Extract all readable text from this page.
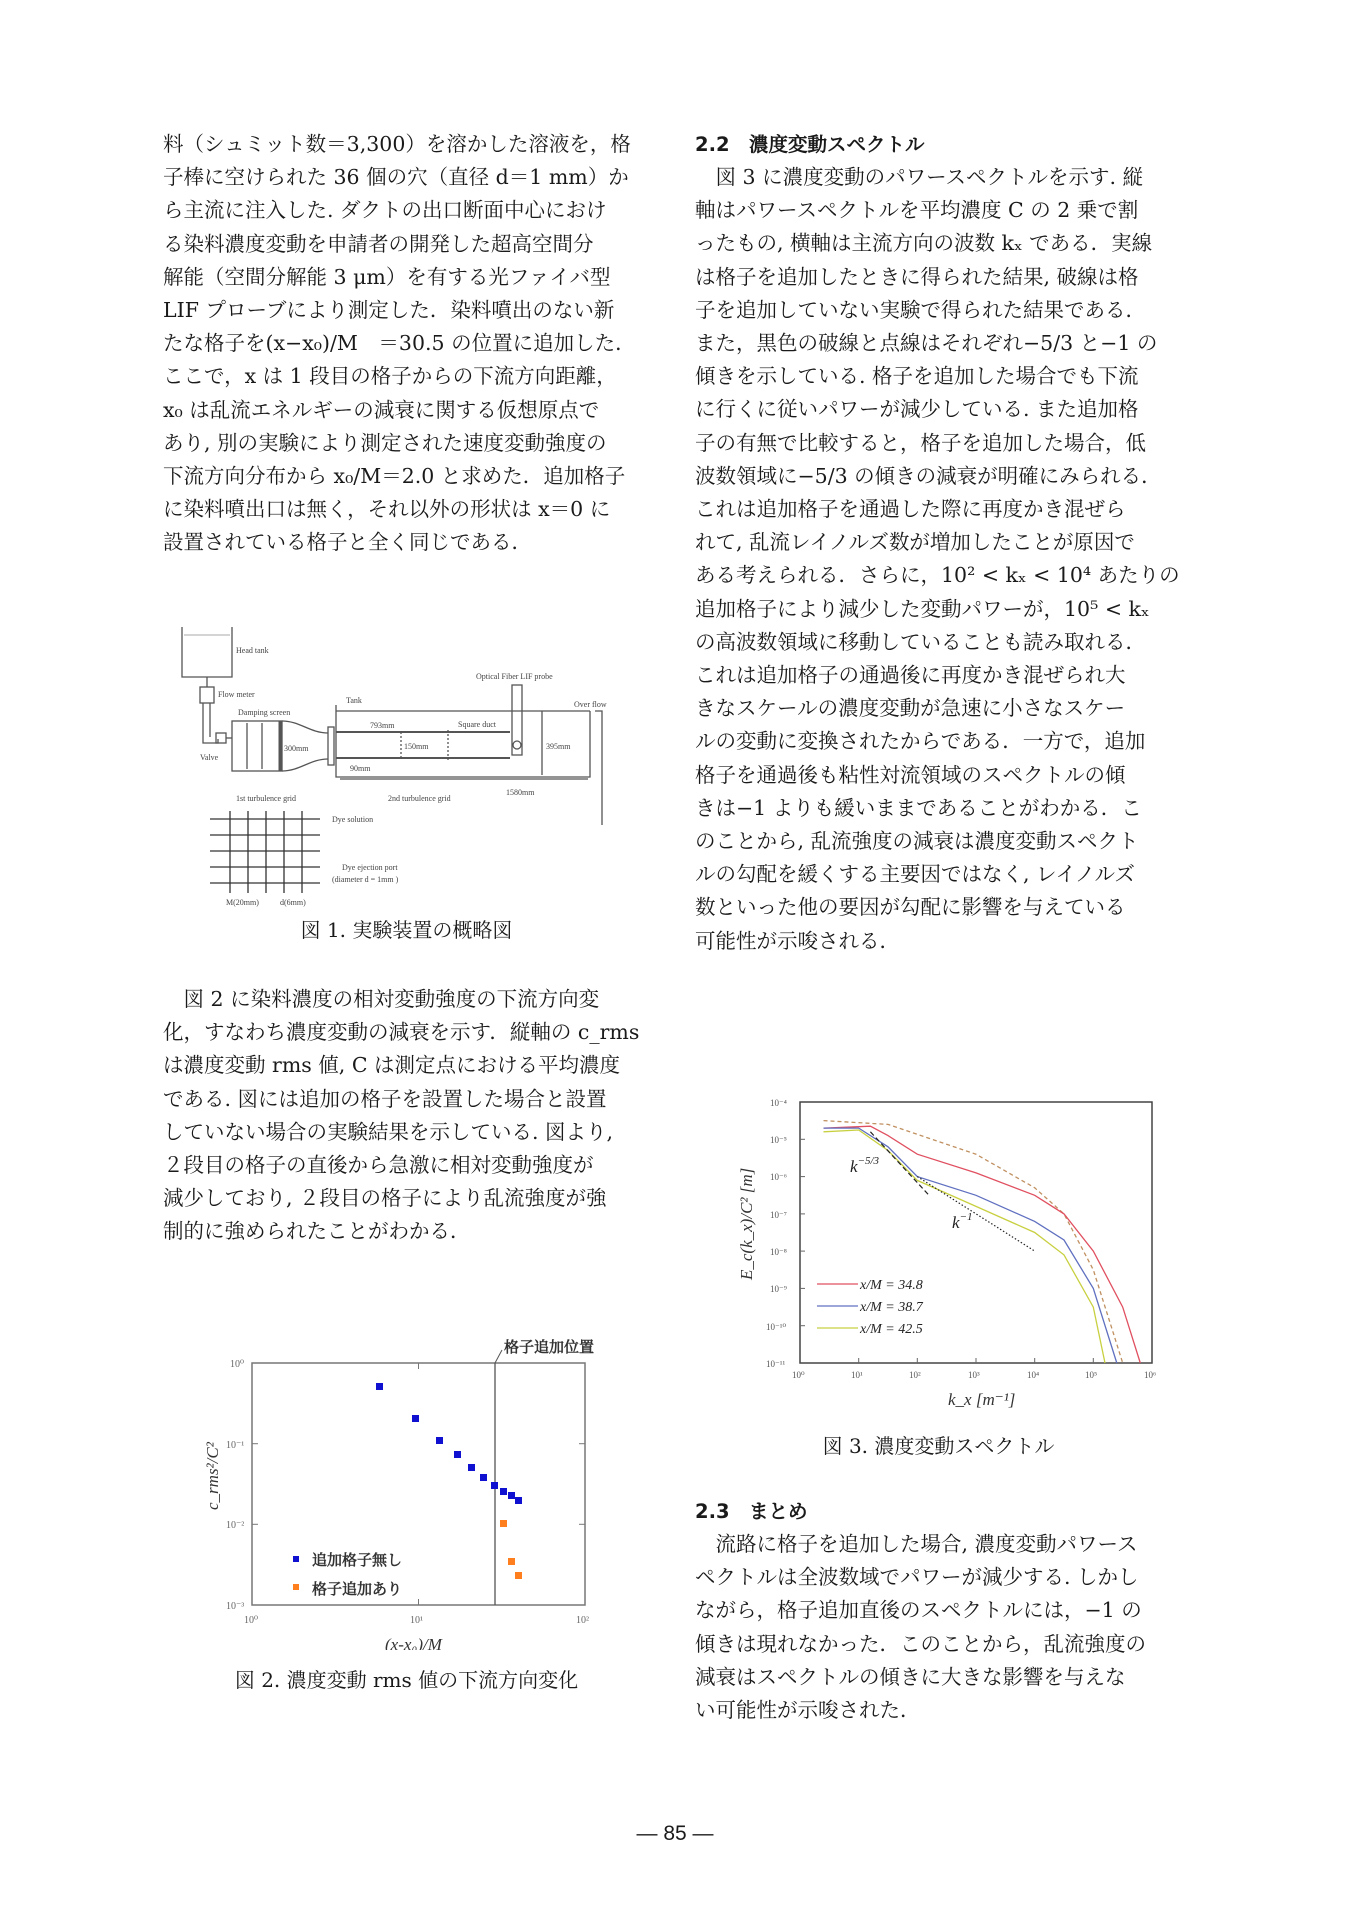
料（シュミット数＝3,300）を溶かした溶液を，格

子棒に空けられた 36 個の穴（直径 d＝1 mm）か

ら主流に注入した. ダクトの出口断面中心におけ

る染料濃度変動を申請者の開発した超高空間分

解能（空間分解能 3 μm）を有する光ファイバ型

LIF プローブにより測定した．染料噴出のない新

たな格子を(x−x₀)/M　＝30.5 の位置に追加した．

ここで，x は 1 段目の格子からの下流方向距離，

x₀ は乱流エネルギーの減衰に関する仮想原点で

あり, 別の実験により測定された速度変動強度の

下流方向分布から x₀/M＝2.0 と求めた．追加格子

に染料噴出口は無く，それ以外の形状は x＝0 に

設置されている格子と全く同じである．

Head tank
Flow meter
Damping screen
Valve
Tank
Optical Fiber LIF probe
Over flow
Square duct
793mm
150mm
300mm
90mm
395mm
1580mm
1st turbulence grid	2nd turbulence grid
Dye solution
Dye ejection port
(diameter d = 1mm )
M(20mm)	d(6mm)
図 1. 実験装置の概略図

図 2 に染料濃度の相対変動強度の下流方向変

化，すなわち濃度変動の減衰を示す．縦軸の c_rms

は濃度変動 rms 値, C は測定点における平均濃度

である. 図には追加の格子を設置した場合と設置

していない場合の実験結果を示している. 図より,

２段目の格子の直後から急激に相対変動強度が

減少しており, ２段目の格子により乱流強度が強

制的に強められたことがわかる．

格子追加位置
追加格子無し
格子追加あり
10⁰
10⁻¹
10⁻²
10⁻³
10⁰	10¹	10²
(x-x₀)/M
c_rms²/C²
図 2. 濃度変動 rms 値の下流方向変化
2.2　濃度変動スペクトル

図 3 に濃度変動のパワースペクトルを示す. 縦

軸はパワースペクトルを平均濃度 C の 2 乗で割

ったもの, 横軸は主流方向の波数 kₓ である．実線

は格子を追加したときに得られた結果, 破線は格

子を追加していない実験で得られた結果である．

また，黒色の破線と点線はそれぞれ−5/3 と−1 の

傾きを示している. 格子を追加した場合でも下流

に行くに従いパワーが減少している. また追加格

子の有無で比較すると，格子を追加した場合，低

波数領域に−5/3 の傾きの減衰が明確にみられる．

これは追加格子を通過した際に再度かき混ぜら

れて, 乱流レイノルズ数が増加したことが原因で

ある考えられる．さらに，10² < kₓ < 10⁴ あたりの

追加格子により減少した変動パワーが，10⁵ < kₓ

の高波数領域に移動していることも読み取れる．

これは追加格子の通過後に再度かき混ぜられ大

きなスケールの濃度変動が急速に小さなスケー

ルの変動に変換されたからである．一方で，追加

格子を通過後も粘性対流領域のスペクトルの傾

きは−1 よりも緩いままであることがわかる．こ

のことから, 乱流強度の減衰は濃度変動スペクト

ルの勾配を緩くする主要因ではなく, レイノルズ

数といった他の要因が勾配に影響を与えている

可能性が示唆される．

$k^{-5/3}$
$k^{-1}$
x/M = 34.8
x/M = 38.7
x/M = 42.5
10⁻⁴
10⁻⁵
10⁻⁶
10⁻⁷
10⁻⁸
10⁻⁹
10⁻¹⁰
10⁻¹¹
10⁰	10¹	10²	10³	10⁴	10⁵	10⁶
k_x [m⁻¹]
E_c(k_x)/C² [m]
図 3. 濃度変動スペクトル
2.3　まとめ

流路に格子を追加した場合, 濃度変動パワース

ペクトルは全波数域でパワーが減少する. しかし

ながら，格子追加直後のスペクトルには，−1 の

傾きは現れなかった．このことから，乱流強度の

減衰はスペクトルの傾きに大きな影響を与えな

い可能性が示唆された．

— 85 —
